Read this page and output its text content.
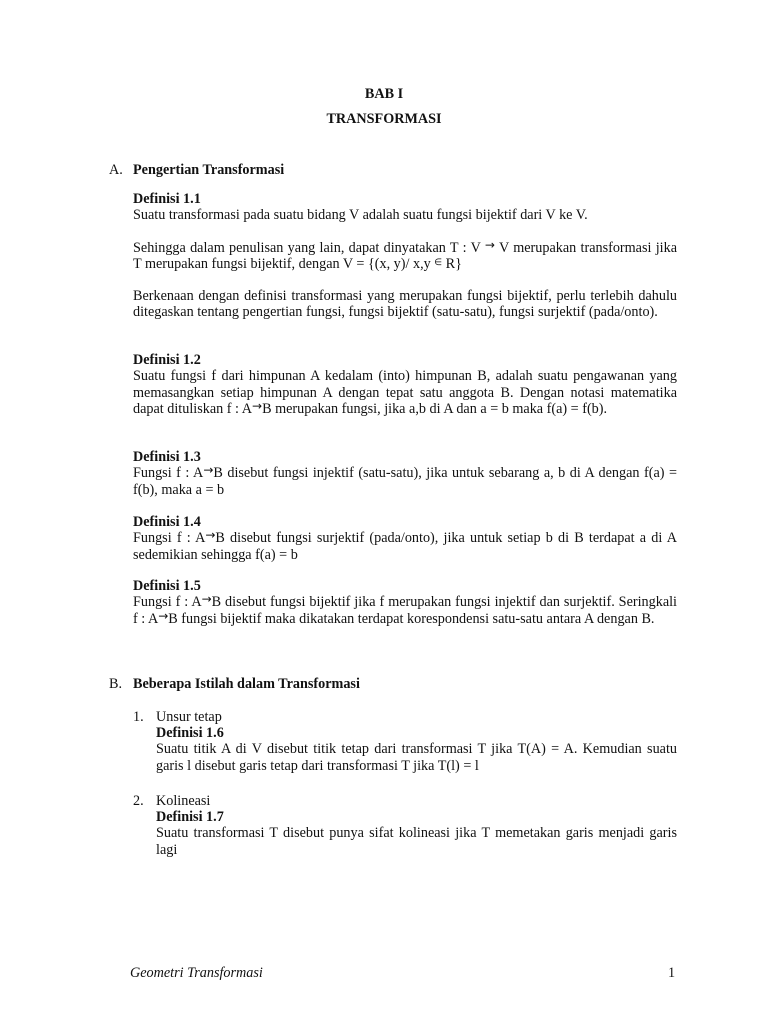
BAB I
TRANSFORMASI
A. Pengertian Transformasi
Definisi 1.1
Suatu transformasi pada suatu bidang V adalah suatu fungsi bijektif dari V ke V.
Sehingga dalam penulisan yang lain, dapat dinyatakan T : V → V merupakan transformasi jika T merupakan fungsi bijektif, dengan V = {(x, y)/ x,y ∈ R}
Berkenaan dengan definisi transformasi yang merupakan fungsi bijektif, perlu terlebih dahulu ditegaskan tentang pengertian fungsi, fungsi bijektif (satu-satu), fungsi surjektif (pada/onto).
Definisi 1.2
Suatu fungsi f dari himpunan A kedalam (into) himpunan B, adalah suatu pengawanan yang memasangkan setiap himpunan A dengan tepat satu anggota B. Dengan notasi matematika dapat dituliskan f : A→B merupakan fungsi, jika a,b di A dan a = b maka f(a) = f(b).
Definisi 1.3
Fungsi f : A→B disebut fungsi injektif (satu-satu), jika untuk sebarang a, b di A dengan f(a) = f(b), maka a = b
Definisi 1.4
Fungsi f : A→B disebut fungsi surjektif (pada/onto), jika untuk setiap b di B terdapat a di A sedemikian sehingga f(a) = b
Definisi 1.5
Fungsi f : A→B disebut fungsi bijektif jika f merupakan fungsi injektif dan surjektif. Seringkali f : A→B fungsi bijektif maka dikatakan terdapat korespondensi satu-satu antara A dengan B.
B. Beberapa Istilah dalam Transformasi
1. Unsur tetap
Definisi 1.6
Suatu titik A di V disebut titik tetap dari transformasi T jika T(A) = A. Kemudian suatu garis l disebut garis tetap dari transformasi T jika T(l) = l
2. Kolineasi
Definisi 1.7
Suatu transformasi T disebut punya sifat kolineasi jika T memetakan garis menjadi garis lagi
Geometri Transformasi	1
